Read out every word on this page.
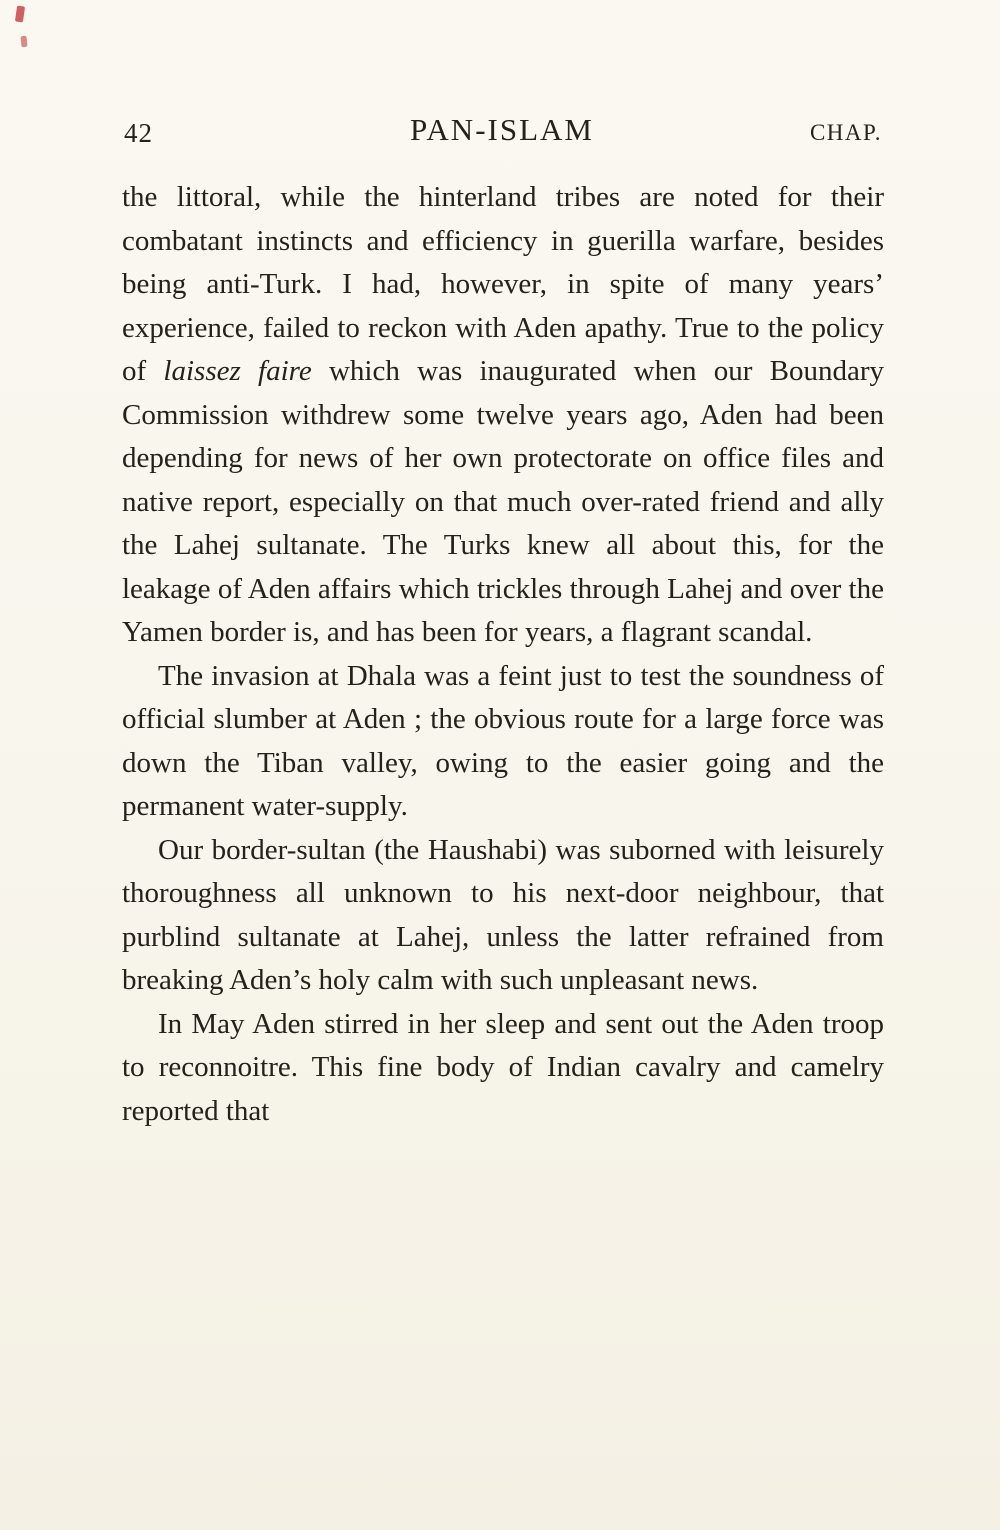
42	PAN-ISLAM	CHAP.

the littoral, while the hinterland tribes are noted for their combatant instincts and efficiency in guerilla warfare, besides being anti-Turk. I had, however, in spite of many years’ experience, failed to reckon with Aden apathy. True to the policy of laissez faire which was inaugurated when our Boundary Commission withdrew some twelve years ago, Aden had been depending for news of her own protectorate on office files and native report, especially on that much over-rated friend and ally the Lahej sultanate. The Turks knew all about this, for the leakage of Aden affairs which trickles through Lahej and over the Yamen border is, and has been for years, a flagrant scandal.

The invasion at Dhala was a feint just to test the soundness of official slumber at Aden ; the obvious route for a large force was down the Tiban valley, owing to the easier going and the permanent water-supply.

Our border-sultan (the Haushabi) was suborned with leisurely thoroughness all unknown to his next-door neighbour, that purblind sultanate at Lahej, unless the latter refrained from breaking Aden’s holy calm with such unpleasant news.

In May Aden stirred in her sleep and sent out the Aden troop to reconnoitre. This fine body of Indian cavalry and camelry reported that
